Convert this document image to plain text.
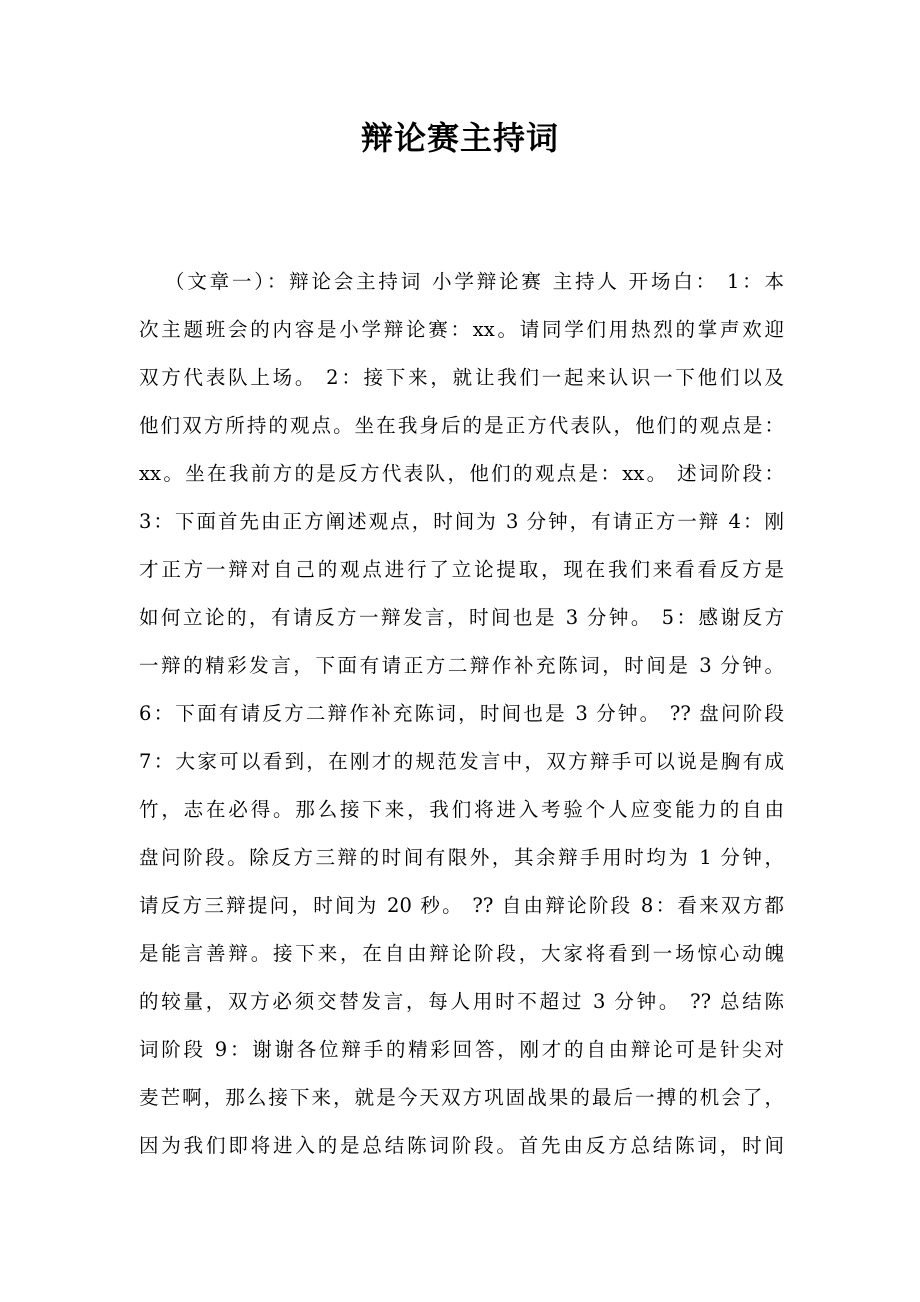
辩论赛主持词
（文章一）：辩论会主持词 小学辩论赛 主持人 开场白： 1：本
次主题班会的内容是小学辩论赛：xx。请同学们用热烈的掌声欢迎
双方代表队上场。 2：接下来，就让我们一起来认识一下他们以及
他们双方所持的观点。坐在我身后的是正方代表队，他们的观点是：
xx。坐在我前方的是反方代表队，他们的观点是：xx。 述词阶段：
3：下面首先由正方阐述观点，时间为 3 分钟，有请正方一辩 4：刚
才正方一辩对自己的观点进行了立论提取，现在我们来看看反方是
如何立论的，有请反方一辩发言，时间也是 3 分钟。 5：感谢反方
一辩的精彩发言，下面有请正方二辩作补充陈词，时间是 3 分钟。
6：下面有请反方二辩作补充陈词，时间也是 3 分钟。 ?? 盘问阶段
7：大家可以看到，在刚才的规范发言中，双方辩手可以说是胸有成
竹，志在必得。那么接下来，我们将进入考验个人应变能力的自由
盘问阶段。除反方三辩的时间有限外，其余辩手用时均为 1 分钟，
请反方三辩提问，时间为 20 秒。 ?? 自由辩论阶段 8：看来双方都
是能言善辩。接下来，在自由辩论阶段，大家将看到一场惊心动魄
的较量，双方必须交替发言，每人用时不超过 3 分钟。 ?? 总结陈
词阶段 9：谢谢各位辩手的精彩回答，刚才的自由辩论可是针尖对
麦芒啊，那么接下来，就是今天双方巩固战果的最后一搏的机会了，
因为我们即将进入的是总结陈词阶段。首先由反方总结陈词，时间
